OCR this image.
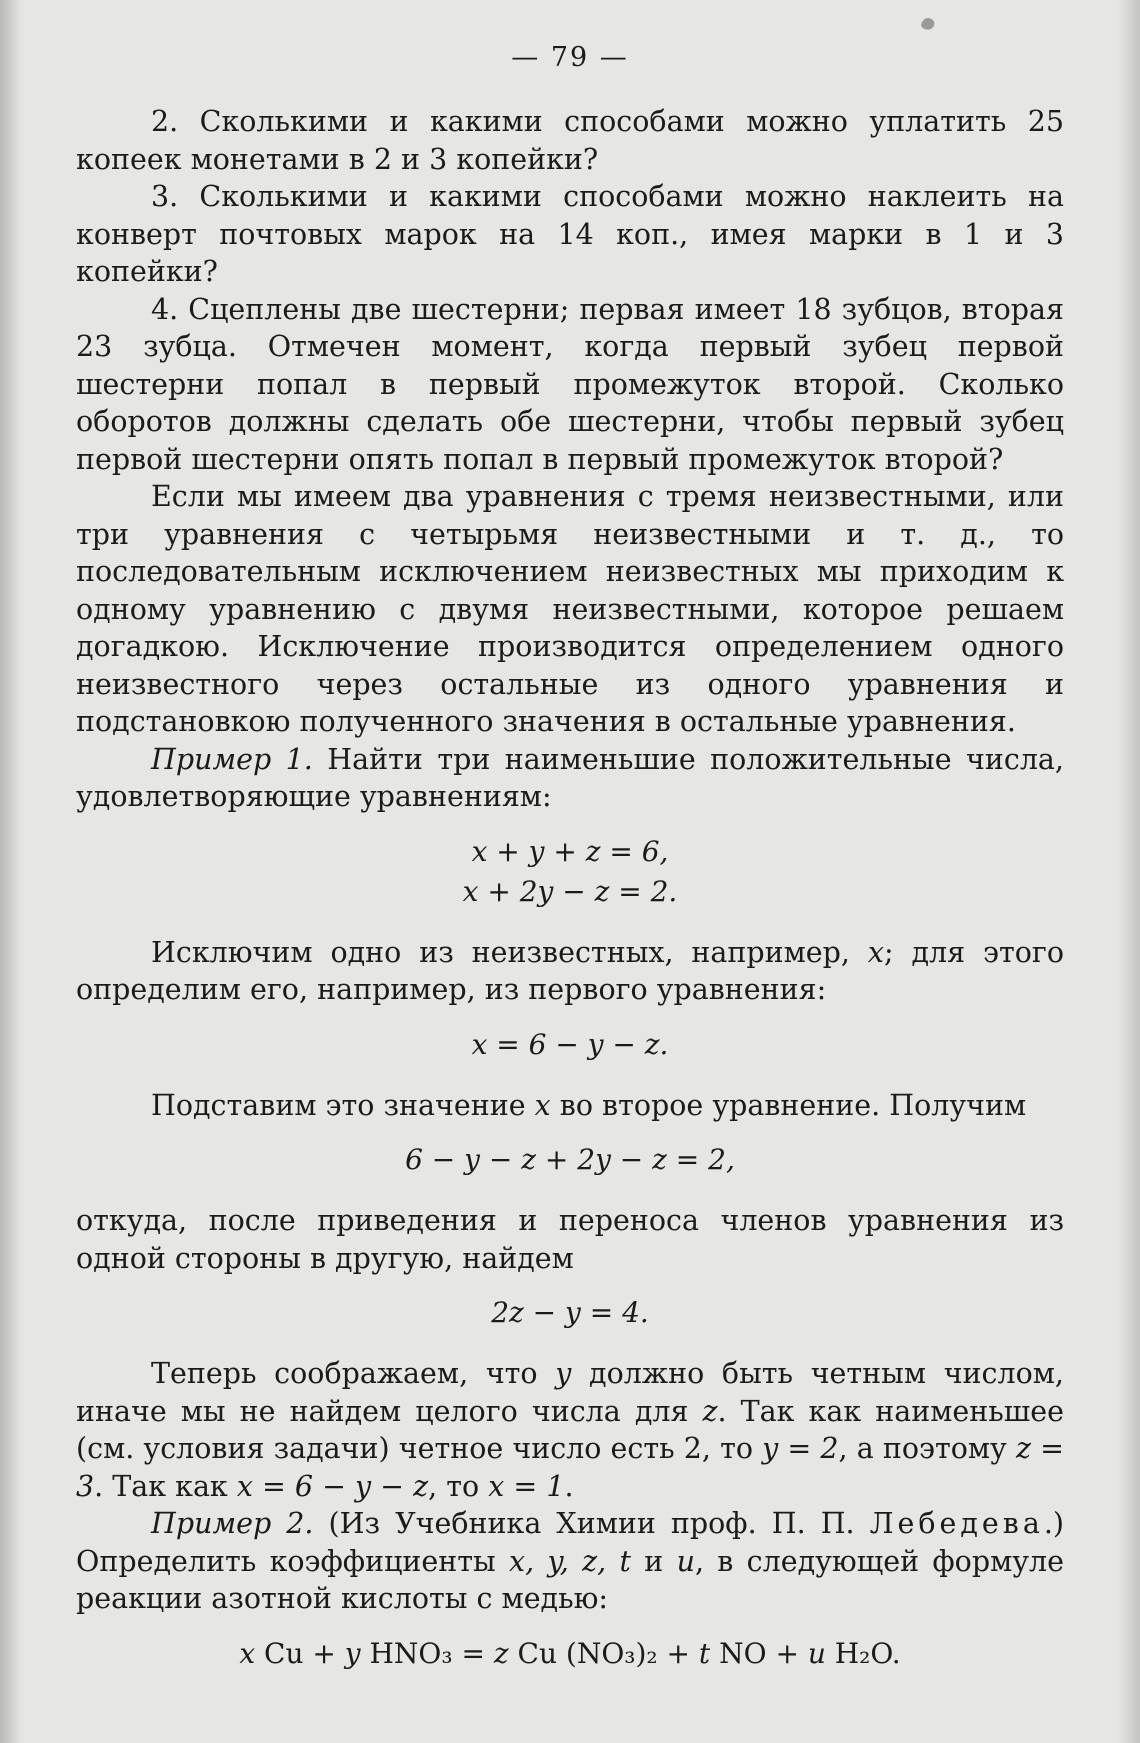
— 79 —

2. Сколькими и какими способами можно уплатить 25 копеек монетами в 2 и 3 копейки?

3. Сколькими и какими способами можно наклеить на конверт почтовых марок на 14 коп., имея марки в 1 и 3 копейки?

4. Сцеплены две шестерни; первая имеет 18 зубцов, вторая 23 зубца. Отмечен момент, когда первый зубец первой шестерни попал в первый промежуток второй. Сколько оборотов должны сделать обе шестерни, чтобы первый зубец первой шестерни опять попал в первый промежуток второй?

Если мы имеем два уравнения с тремя неизвестными, или три уравнения с четырьмя неизвестными и т. д., то последовательным исключением неизвестных мы приходим к одному уравнению с двумя неизвестными, которое решаем догадкою. Исключение производится определением одного неизвестного через остальные из одного уравнения и подстановкою полученного значения в остальные уравнения.

Пример 1. Найти три наименьшие положительные числа, удовлетворяющие уравнениям:

x + y + z = 6,
x + 2y − z = 2.

Исключим одно из неизвестных, например, x; для этого определим его, например, из первого уравнения:

x = 6 − y − z.

Подставим это значение x во второе уравнение. Получим

6 − y − z + 2y − z = 2,

откуда, после приведения и переноса членов уравнения из одной стороны в другую, найдем

2z − y = 4.

Теперь соображаем, что y должно быть четным числом, иначе мы не найдем целого числа для z. Так как наименьшее (см. условия задачи) четное число есть 2, то y = 2, а поэтому z = 3. Так как x = 6 − y − z, то x = 1.

Пример 2. (Из Учебника Химии проф. П. П. Лебедева.) Определить коэффициенты x, y, z, t и u, в следующей формуле реакции азотной кислоты с медью:

x Cu + y HNO₃ = z Cu (NO₃)₂ + t NO + u H₂O.
